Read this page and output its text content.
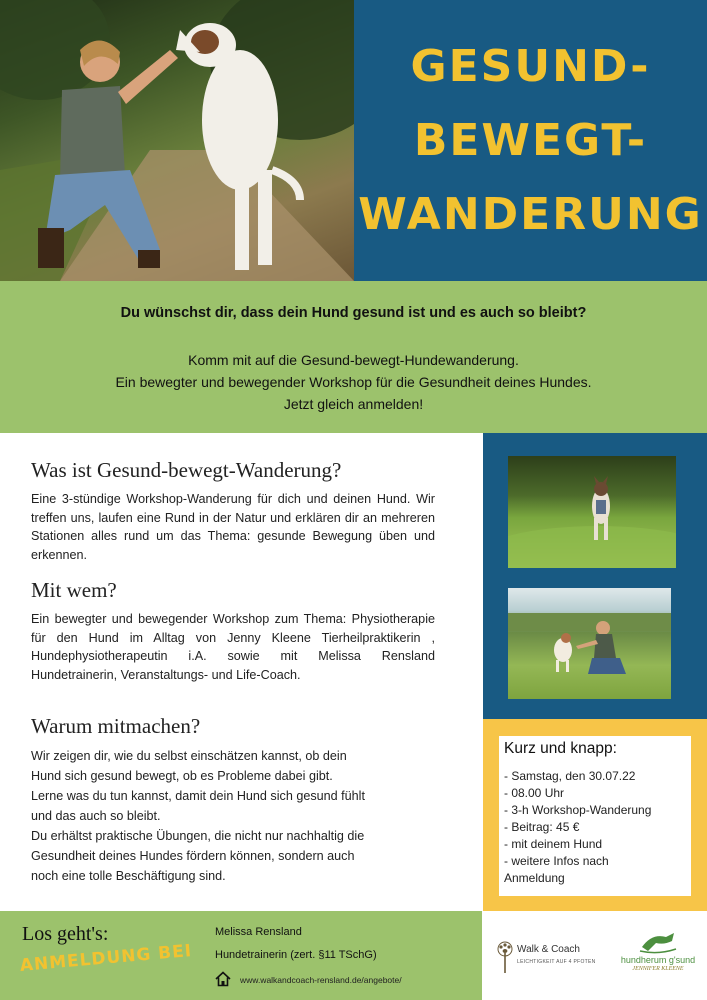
GESUND-
BEWEGT-
WANDERUNG
Du wünschst dir, dass dein Hund gesund ist und es auch so bleibt?
Komm mit auf die Gesund-bewegt-Hundewanderung.
Ein bewegter und bewegender Workshop für die Gesundheit deines Hundes.
Jetzt gleich anmelden!
Was ist Gesund-bewegt-Wanderung?
Eine 3-stündige Workshop-Wanderung für dich und deinen Hund. Wir treffen uns, laufen eine Rund in der Natur und erklären dir an mehreren Stationen alles rund um das Thema: gesunde Bewegung üben und erkennen.
Mit wem?
Ein bewegter und bewegender Workshop zum Thema: Physiotherapie für den Hund im Alltag von Jenny Kleene Tierheilpraktikerin , Hundephysiotherapeutin i.A. sowie mit Melissa Rensland Hundetrainerin, Veranstaltungs- und Life-Coach.
Warum mitmachen?
Wir zeigen dir, wie du selbst einschätzen kannst, ob dein
Hund sich gesund bewegt, ob es Probleme dabei gibt.
Lerne was du tun kannst, damit dein Hund sich gesund fühlt
und das auch so bleibt.
Du erhältst praktische Übungen, die nicht nur nachhaltig die
Gesundheit deines Hundes fördern können, sondern auch
noch eine tolle Beschäftigung sind.
Kurz und knapp:
- Samstag, den 30.07.22
- 08.00 Uhr
- 3-h Workshop-Wanderung
- Beitrag: 45 €
- mit deinem Hund
- weitere Infos nach
Anmeldung
Los geht's:
ANMELDUNG BEI
Melissa Rensland
Hundetrainerin (zert. §11 TSchG)
www.walkandcoach-rensland.de/angebote/
Walk & Coach
LEICHTIGKEIT AUF 4 PFOTEN	hundherum g'sund
JENNIFER KLEENE
